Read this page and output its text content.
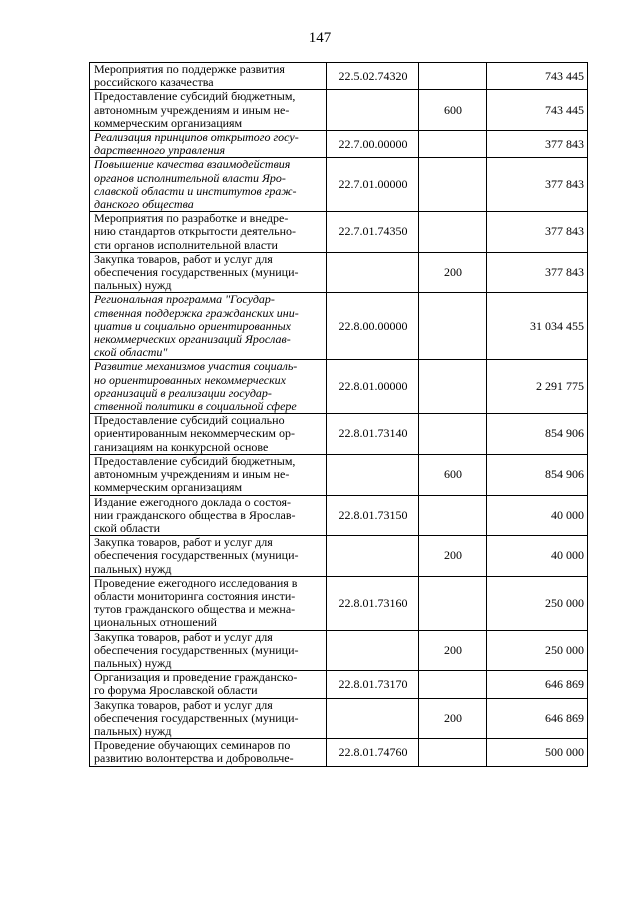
147
Мероприятия по поддержке развития
российского казачества	22.5.02.74320		743 445

Предоставление субсидий бюджетным,
автономным учреждениям и иным не-
коммерческим организациям		600	743 445

Реализация принципов открытого госу-
дарственного управления	22.7.00.00000		377 843

Повышение качества взаимодействия
органов исполнительной власти Яро-
славской области и институтов граж-
данского общества	22.7.01.00000		377 843

Мероприятия по разработке и внедре-
нию стандартов открытости деятельно-
сти органов исполнительной власти	22.7.01.74350		377 843

Закупка товаров, работ и услуг для
обеспечения государственных (муници-
пальных) нужд		200	377 843

Региональная программа "Государ-
ственная поддержка гражданских ини-
циатив и социально ориентированных
некоммерческих организаций Ярослав-
ской области"	22.8.00.00000		31 034 455

Развитие механизмов участия социаль-
но ориентированных некоммерческих
организаций в реализации государ-
ственной политики в социальной сфере	22.8.01.00000		2 291 775

Предоставление субсидий социально
ориентированным некоммерческим ор-
ганизациям на конкурсной основе	22.8.01.73140		854 906

Предоставление субсидий бюджетным,
автономным учреждениям и иным не-
коммерческим организациям		600	854 906

Издание ежегодного доклада о состоя-
нии гражданского общества в Ярослав-
ской области	22.8.01.73150		40 000

Закупка товаров, работ и услуг для
обеспечения государственных (муници-
пальных) нужд		200	40 000

Проведение ежегодного исследования в
области мониторинга состояния инсти-
тутов гражданского общества и межна-
циональных отношений	22.8.01.73160		250 000

Закупка товаров, работ и услуг для
обеспечения государственных (муници-
пальных) нужд		200	250 000

Организация и проведение гражданско-
го форума Ярославской области	22.8.01.73170		646 869

Закупка товаров, работ и услуг для
обеспечения государственных (муници-
пальных) нужд		200	646 869

Проведение обучающих семинаров по
развитию волонтерства и добровольче-	22.8.01.74760		500 000
